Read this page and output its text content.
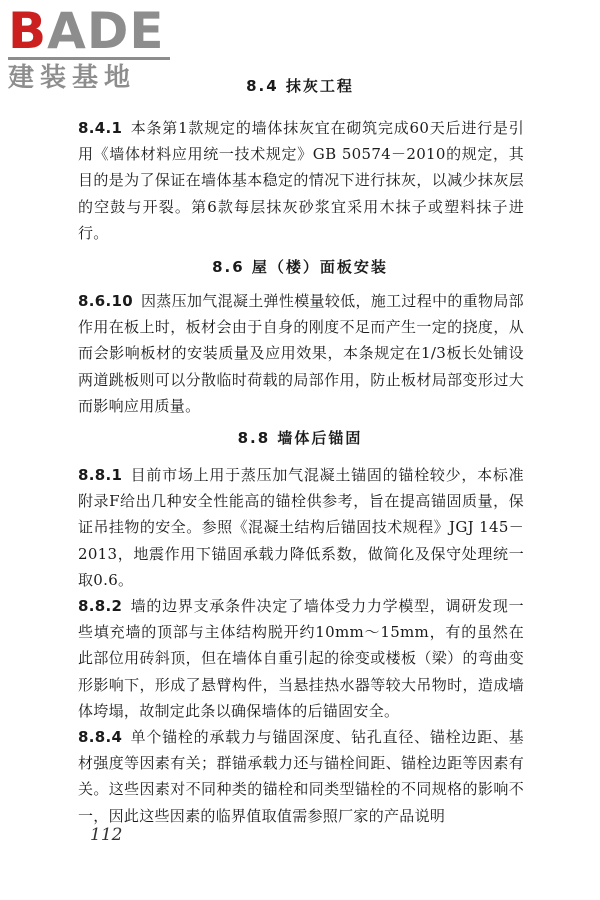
BADE
建装基地	8.4 抹灰工程
8.4.1 本条第1款规定的墙体抹灰宜在砌筑完成60天后进行是引用《墙体材料应用统一技术规定》GB 50574－2010的规定，其目的是为了保证在墙体基本稳定的情况下进行抹灰，以减少抹灰层的空鼓与开裂。第6款每层抹灰砂浆宜采用木抹子或塑料抹子进行。
8.6 屋（楼）面板安装
8.6.10 因蒸压加气混凝土弹性模量较低，施工过程中的重物局部作用在板上时，板材会由于自身的刚度不足而产生一定的挠度，从而会影响板材的安装质量及应用效果，本条规定在1/3板长处铺设两道跳板则可以分散临时荷载的局部作用，防止板材局部变形过大而影响应用质量。
8.8 墙体后锚固
8.8.1 目前市场上用于蒸压加气混凝土锚固的锚栓较少，本标准附录F给出几种安全性能高的锚栓供参考，旨在提高锚固质量，保证吊挂物的安全。参照《混凝土结构后锚固技术规程》JGJ 145－2013，地震作用下锚固承载力降低系数，做简化及保守处理统一取0.6。
8.8.2 墙的边界支承条件决定了墙体受力力学模型，调研发现一些填充墙的顶部与主体结构脱开约10mm～15mm，有的虽然在此部位用砖斜顶，但在墙体自重引起的徐变或楼板（梁）的弯曲变形影响下，形成了悬臂构件，当悬挂热水器等较大吊物时，造成墙体垮塌，故制定此条以确保墙体的后锚固安全。
8.8.4 单个锚栓的承载力与锚固深度、钻孔直径、锚栓边距、基材强度等因素有关；群锚承载力还与锚栓间距、锚栓边距等因素有关。这些因素对不同种类的锚栓和同类型锚栓的不同规格的影响不一，因此这些因素的临界值取值需参照厂家的产品说明
112
